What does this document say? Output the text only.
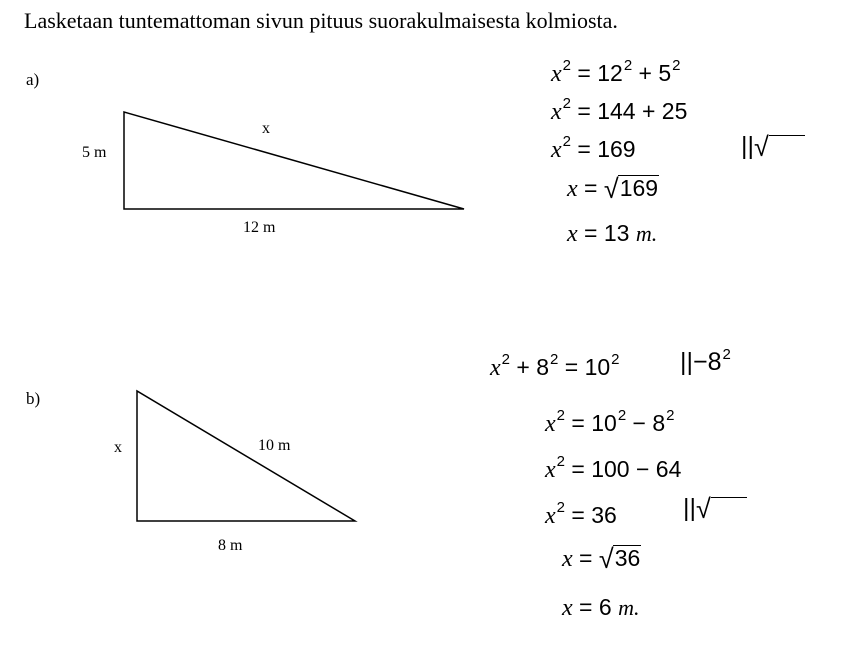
Lasketaan tuntemattoman sivun pituus suorakulmaisesta kolmiosta.
a)
5 m
x
12 m
$x^2 = 12^2 + 5^2$
$x^2 = 144 + 25$
$x^2 = 169$
x = √169
x = 13 m.
||√
b)
x	10 m
8 m
$x^2 + 8^2 = 10^2$ $||-8^2$
$x^2 = 10^2 - 8^2$
$x^2 = 100 - 64$
$x^2 = 36$	||√
x = √36
x = 6 m.
